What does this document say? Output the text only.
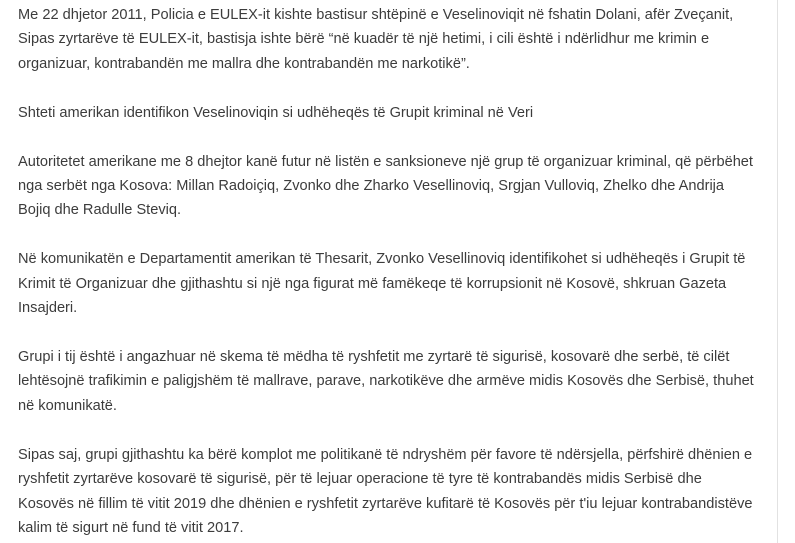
Me 22 dhjetor 2011, Policia e EULEX-it kishte bastisur shtëpinë e Veselinoviqit në fshatin Dolani, afër Zveçanit, Sipas zyrtarëve të EULEX-it, bastisja ishte bërë “në kuadër të një hetimi, i cili është i ndërlidhur me krimin e organizuar, kontrabandën me mallra dhe kontrabandën me narkotikë”.

Shteti amerikan identifikon Veselinoviqin si udhëheqës të Grupit kriminal në Veri

Autoritetet amerikane me 8 dhejtor kanë futur në listën e sanksioneve një grup të organizuar kriminal, që përbëhet nga serbët nga Kosova: Millan Radoiçiq, Zvonko dhe Zharko Vesellinoviq, Srgjan Vulloviq, Zhelko dhe Andrija Bojiq dhe Radulle Steviq.

Në komunikatën e Departamentit amerikan të Thesarit, Zvonko Vesellinoviq identifikohet si udhëheqës i Grupit të Krimit të Organizuar dhe gjithashtu si një nga figurat më famëkeqe të korrupsionit në Kosovë, shkruan Gazeta Insajderi.

Grupi i tij është i angazhuar në skema të mëdha të ryshfetit me zyrtarë të sigurisë, kosovarë dhe serbë, të cilët lehtësojnë trafikimin e paligjshëm të mallrave, parave, narkotikëve dhe armëve midis Kosovës dhe Serbisë, thuhet në komunikatë.

Sipas saj, grupi gjithashtu ka bërë komplot me politikanë të ndryshëm për favore të ndërsjella, përfshirë dhënien e ryshfetit zyrtarëve kosovarë të sigurisë, për të lejuar operacione të tyre të kontrabandës midis Serbisë dhe Kosovës në fillim të vitit 2019 dhe dhënien e ryshfetit zyrtarëve kufitarë të Kosovës për t'iu lejuar kontrabandistëve kalim të sigurt në fund të vitit 2017.
